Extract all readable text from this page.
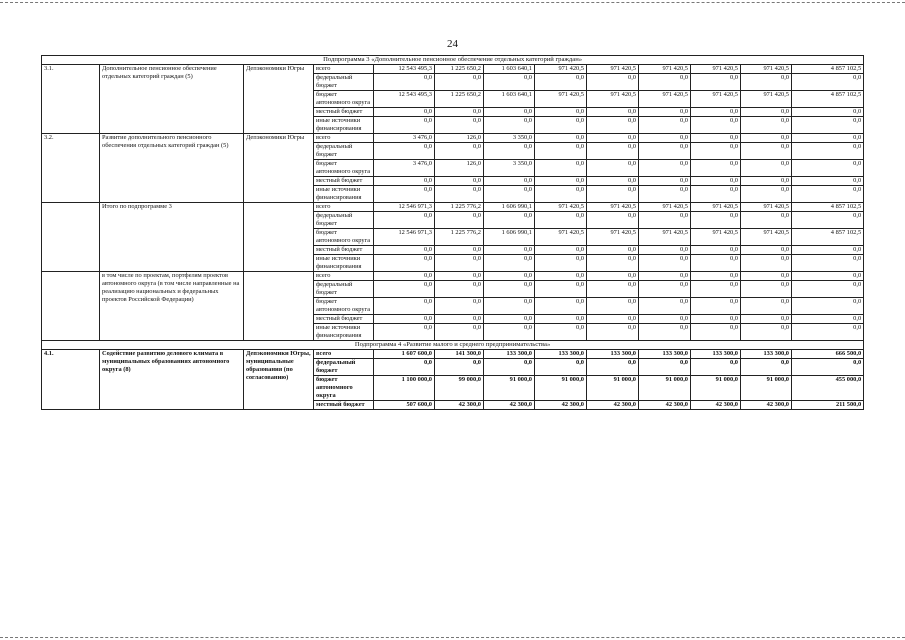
24
Подпрограмма 3 «Дополнительное пенсионное обеспечение отдельных категорий граждан»												
3.1.	Дополнительное пенсионное обеспечение отдельных категорий граждан (5)	Депэкономики Югры	всего	12 543 495,3	1 225 650,2	1 603 640,1	971 420,5	971 420,5	971 420,5	971 420,5	971 420,5	4 857 102,5
			федеральный бюджет	0,0	0,0	0,0	0,0	0,0	0,0	0,0	0,0	0,0
			бюджет автономного округа	12 543 495,3	1 225 650,2	1 603 640,1	971 420,5	971 420,5	971 420,5	971 420,5	971 420,5	4 857 102,5
			местный бюджет	0,0	0,0	0,0	0,0	0,0	0,0	0,0	0,0	0,0
			иные источники финансирования	0,0	0,0	0,0	0,0	0,0	0,0	0,0	0,0	0,0
3.2.	Развитие дополнительного пенсионного обеспечения отдельных категорий граждан (5)	Депэкономики Югры	всего	3 476,0	126,0	3 350,0	0,0	0,0	0,0	0,0	0,0	0,0
			федеральный бюджет	0,0	0,0	0,0	0,0	0,0	0,0	0,0	0,0	0,0
			бюджет автономного округа	3 476,0	126,0	3 350,0	0,0	0,0	0,0	0,0	0,0	0,0
			местный бюджет	0,0	0,0	0,0	0,0	0,0	0,0	0,0	0,0	0,0
			иные источники финансирования	0,0	0,0	0,0	0,0	0,0	0,0	0,0	0,0	0,0
	Итого по подпрограмме 3		всего	12 546 971,3	1 225 776,2	1 606 990,1	971 420,5	971 420,5	971 420,5	971 420,5	971 420,5	4 857 102,5
			федеральный бюджет	0,0	0,0	0,0	0,0	0,0	0,0	0,0	0,0	0,0
			бюджет автономного округа	12 546 971,3	1 225 776,2	1 606 990,1	971 420,5	971 420,5	971 420,5	971 420,5	971 420,5	4 857 102,5
			местный бюджет	0,0	0,0	0,0	0,0	0,0	0,0	0,0	0,0	0,0
			иные источники финансирования	0,0	0,0	0,0	0,0	0,0	0,0	0,0	0,0	0,0
	в том числе по проектам, портфелям проектов автономного округа (в том числе направленные на реализацию национальных и федеральных проектов Российской Федерации)		всего	0,0	0,0	0,0	0,0	0,0	0,0	0,0	0,0	0,0
			федеральный бюджет	0,0	0,0	0,0	0,0	0,0	0,0	0,0	0,0	0,0
			бюджет автономного округа	0,0	0,0	0,0	0,0	0,0	0,0	0,0	0,0	0,0
			местный бюджет	0,0	0,0	0,0	0,0	0,0	0,0	0,0	0,0	0,0
			иные источники финансирования	0,0	0,0	0,0	0,0	0,0	0,0	0,0	0,0	0,0
Подпрограмма 4 «Развитие малого и среднего предпринимательства»												
4.1.	Содействие развитию делового климата в муниципальных образованиях автономного округа (8)	Депэкономики Югры, муниципальные образования (по согласованию)	всего	1 607 600,0	141 300,0	133 300,0	133 300,0	133 300,0	133 300,0	133 300,0	133 300,0	666 500,0
			федеральный бюджет	0,0	0,0	0,0	0,0	0,0	0,0	0,0	0,0	0,0
			бюджет автономного округа	1 100 000,0	99 000,0	91 000,0	91 000,0	91 000,0	91 000,0	91 000,0	91 000,0	455 000,0
			местный бюджет	507 600,0	42 300,0	42 300,0	42 300,0	42 300,0	42 300,0	42 300,0	42 300,0	211 500,0
